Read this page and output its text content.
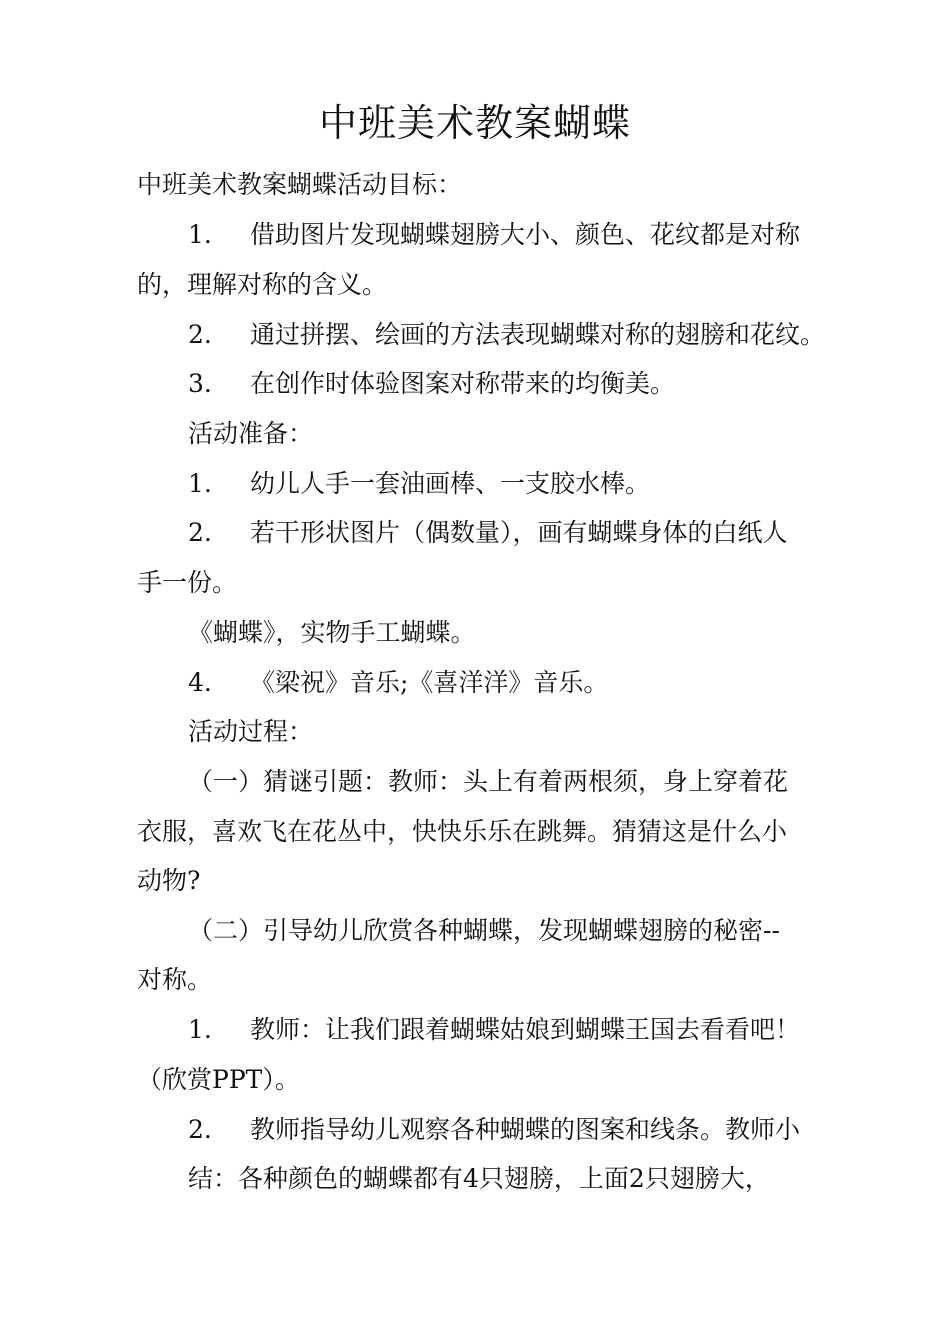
中班美术教案蝴蝶
中班美术教案蝴蝶活动目标：
1. 借助图片发现蝴蝶翅膀大小、颜色、花纹都是对称
的，理解对称的含义。
2. 通过拼摆、绘画的方法表现蝴蝶对称的翅膀和花纹。
3. 在创作时体验图案对称带来的均衡美。
活动准备：
1. 幼儿人手一套油画棒、一支胶水棒。
2. 若干形状图片（偶数量），画有蝴蝶身体的白纸人
手一份。
《蝴蝶》，实物手工蝴蝶。
4. 《梁祝》音乐;《喜洋洋》音乐。
活动过程：
（一）猜谜引题：教师：头上有着两根须，身上穿着花
衣服，喜欢飞在花丛中，快快乐乐在跳舞。猜猜这是什么小
动物?
（二）引导幼儿欣赏各种蝴蝶，发现蝴蝶翅膀的秘密--
对称。
1. 教师：让我们跟着蝴蝶姑娘到蝴蝶王国去看看吧！
（欣赏PPT）。
2. 教师指导幼儿观察各种蝴蝶的图案和线条。教师小
结：各种颜色的蝴蝶都有4只翅膀，上面2只翅膀大，
